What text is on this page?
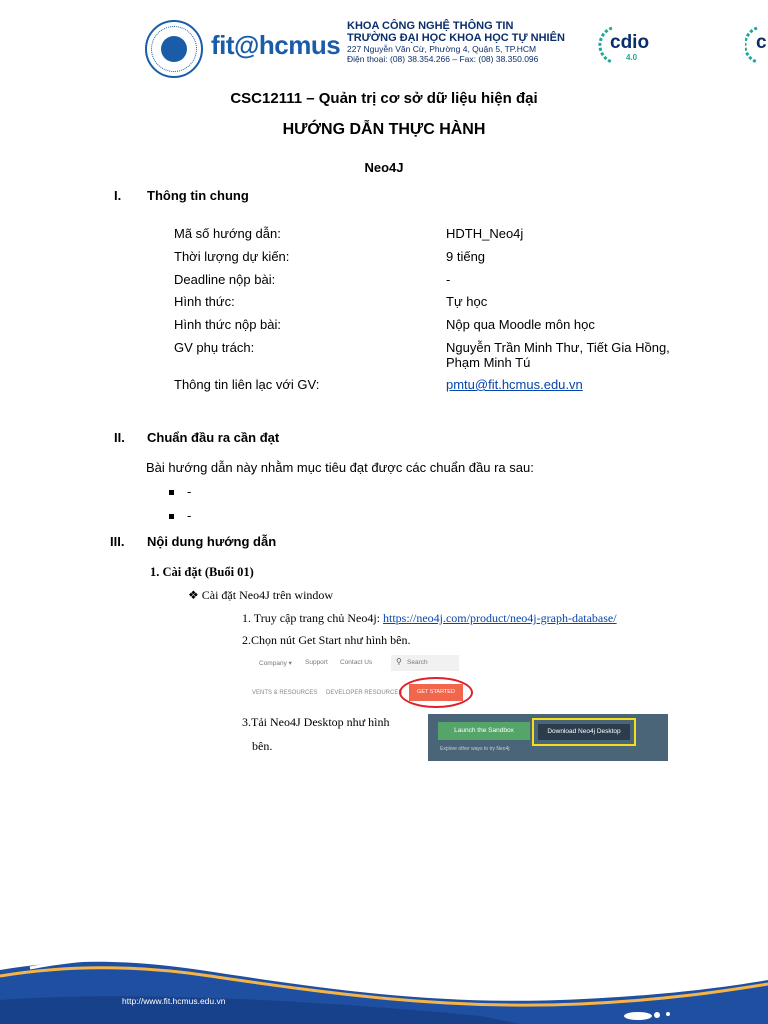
fit@hcmus
KHOA CÔNG NGHỆ THÔNG TIN
TRƯỜNG ĐẠI HỌC KHOA HỌC TỰ NHIÊN
227 Nguyễn Văn Cừ, Phường 4, Quận 5, TP.HCM
Điện thoại: (08) 38.354.266 – Fax: (08) 38.350.096
cdio
4.0
c
CSC12111 – Quản trị cơ sở dữ liệu hiện đại
HƯỚNG DẪN THỰC HÀNH
Neo4J
I. Thông tin chung
Mã số hướng dẫn:	HDTH_Neo4j
Thời lượng dự kiến:	9 tiếng
Deadline nộp bài:	-
Hình thức:	Tự học
Hình thức nộp bài:	Nộp qua Moodle môn học
GV phụ trách:	Nguyễn Trần Minh Thư, Tiết Gia Hồng, Phạm Minh Tú
Thông tin liên lạc với GV:	pmtu@fit.hcmus.edu.vn
II. Chuẩn đầu ra cần đạt
Bài hướng dẫn này nhằm mục tiêu đạt được các chuẩn đầu ra sau:
-
-
III. Nội dung hướng dẫn
1. Cài đặt (Buổi 01)
❖ Cài đặt Neo4J trên window
1. Truy cập trang chủ Neo4j: https://neo4j.com/product/neo4j-graph-database/
2.Chọn nút Get Start như hình bên.
Company ▾ Support Contact Us	⚲ Search
VENTS & RESOURCES DEVELOPER RESOURCES	GET STARTED
3.Tải Neo4J Desktop như hình
bên.
Launch the Sandbox	Download Neo4j Desktop
Explore other ways to try Neo4j
http://www.fit.hcmus.edu.vn
